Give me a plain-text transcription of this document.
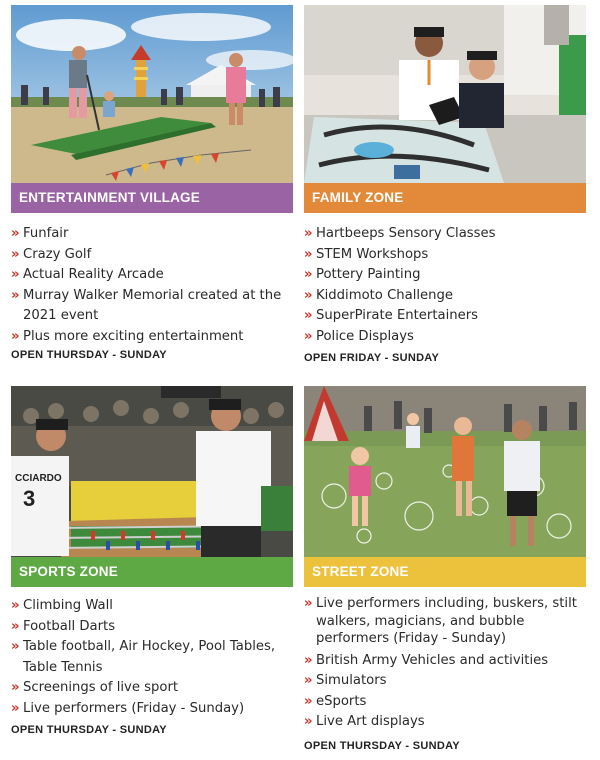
ENTERTAINMENT VILLAGE
» Funfair
» Crazy Golf
» Actual Reality Arcade
» Murray Walker Memorial created at the 2021 event
» Plus more exciting entertainment
OPEN THURSDAY - SUNDAY
FAMILY ZONE
» Hartbeeps Sensory Classes
» STEM Workshops
» Pottery Painting
» Kiddimoto Challenge
» SuperPirate Entertainers
» Police Displays
OPEN FRIDAY - SUNDAY
CCIARDO
3
SPORTS ZONE
» Climbing Wall
» Football Darts
» Table football, Air Hockey, Pool Tables, Table Tennis
» Screenings of live sport
» Live performers (Friday - Sunday)
OPEN THURSDAY - SUNDAY
STREET ZONE
» Live performers including, buskers, stilt walkers, magicians, and bubble performers (Friday - Sunday)
» British Army Vehicles and activities
» Simulators
» eSports
» Live Art displays
OPEN THURSDAY - SUNDAY
